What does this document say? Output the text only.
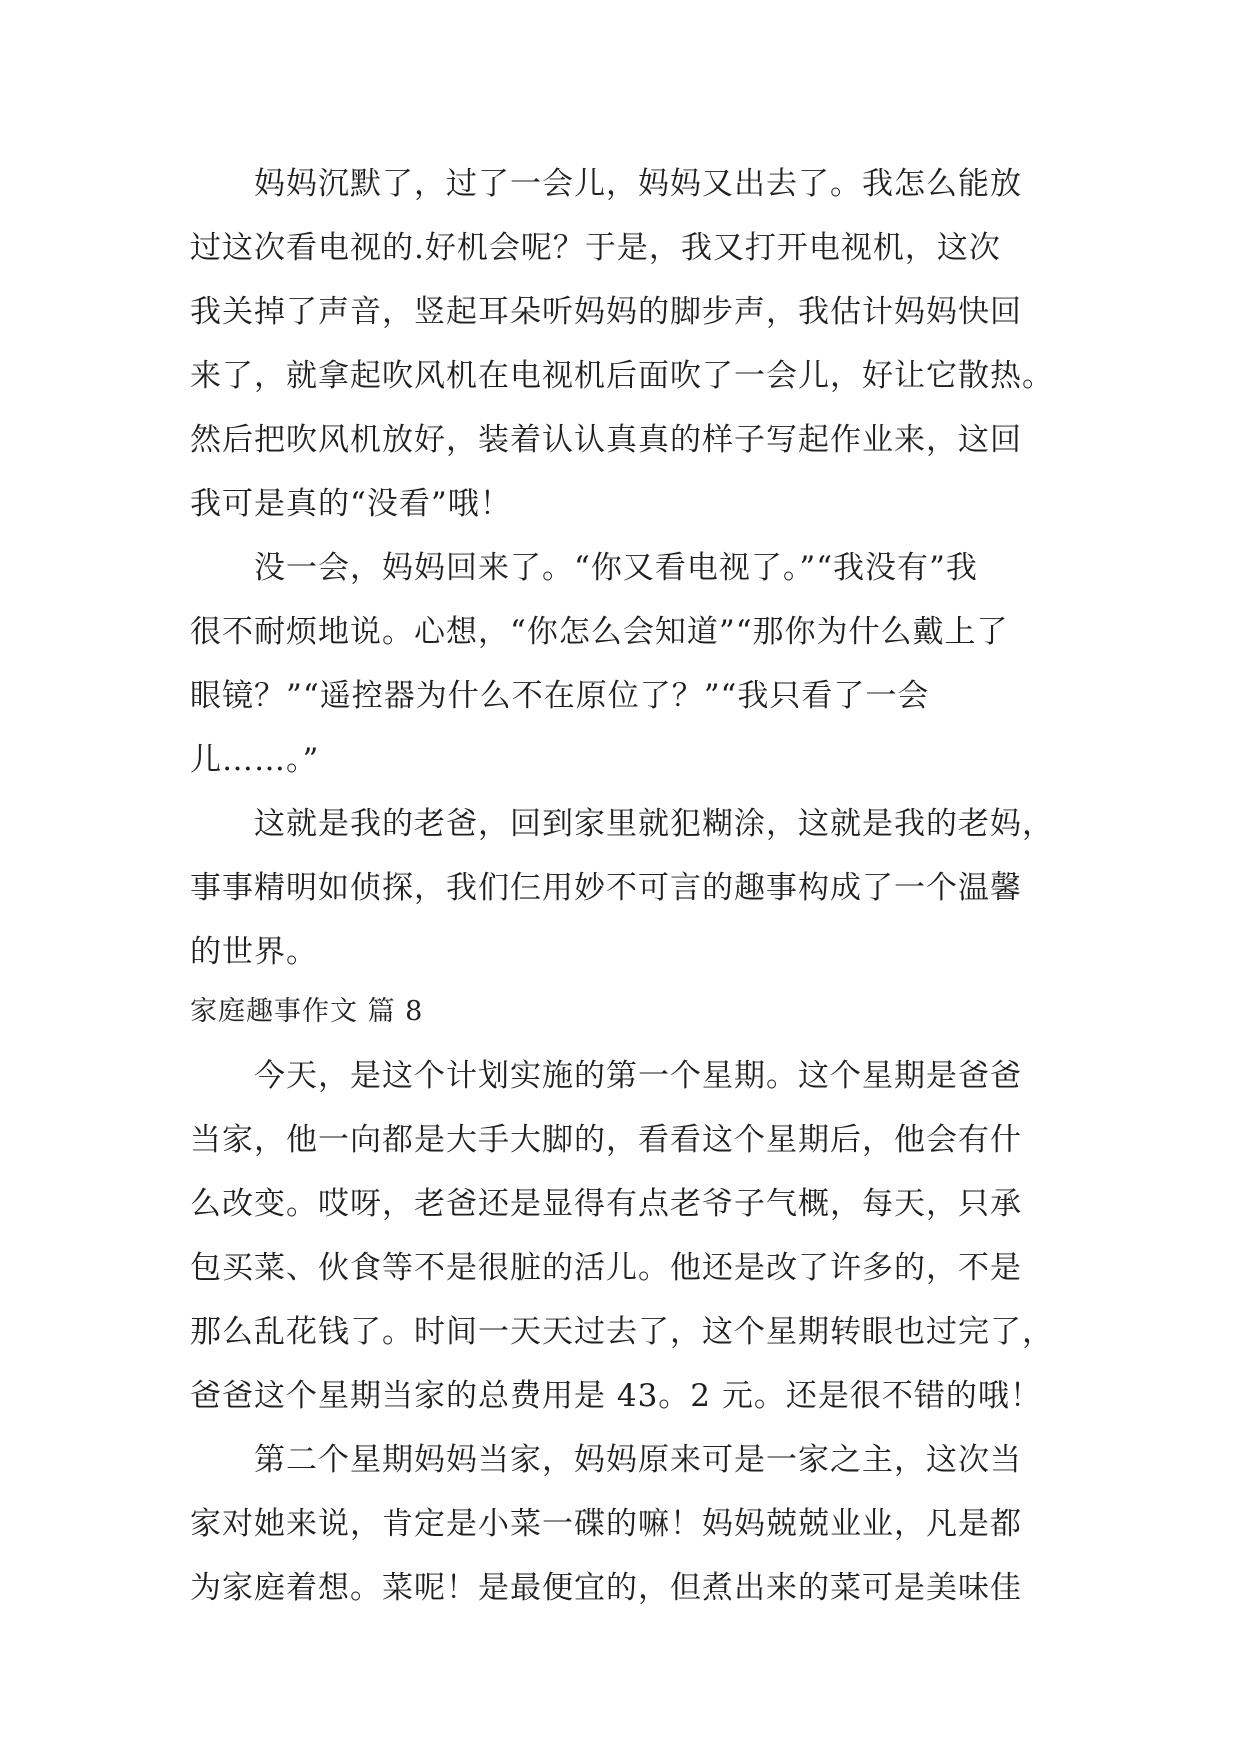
妈妈沉默了，过了一会儿，妈妈又出去了。我怎么能放
过这次看电视的.好机会呢？于是，我又打开电视机，这次
我关掉了声音，竖起耳朵听妈妈的脚步声，我估计妈妈快回
来了，就拿起吹风机在电视机后面吹了一会儿，好让它散热。
然后把吹风机放好，装着认认真真的样子写起作业来，这回
我可是真的“没看”哦！
没一会，妈妈回来了。“你又看电视了。”“我没有”我
很不耐烦地说。心想，“你怎么会知道”“那你为什么戴上了
眼镜？”“遥控器为什么不在原位了？”“我只看了一会
儿……。”
这就是我的老爸，回到家里就犯糊涂，这就是我的老妈，
事事精明如侦探，我们仨用妙不可言的趣事构成了一个温馨
的世界。
家庭趣事作文 篇 8
今天，是这个计划实施的第一个星期。这个星期是爸爸
当家，他一向都是大手大脚的，看看这个星期后，他会有什
么改变。哎呀，老爸还是显得有点老爷子气概，每天，只承
包买菜、伙食等不是很脏的活儿。他还是改了许多的，不是
那么乱花钱了。时间一天天过去了，这个星期转眼也过完了，
爸爸这个星期当家的总费用是 43。2 元。还是很不错的哦！
第二个星期妈妈当家，妈妈原来可是一家之主，这次当
家对她来说，肯定是小菜一碟的嘛！妈妈兢兢业业，凡是都
为家庭着想。菜呢！是最便宜的，但煮出来的菜可是美味佳
